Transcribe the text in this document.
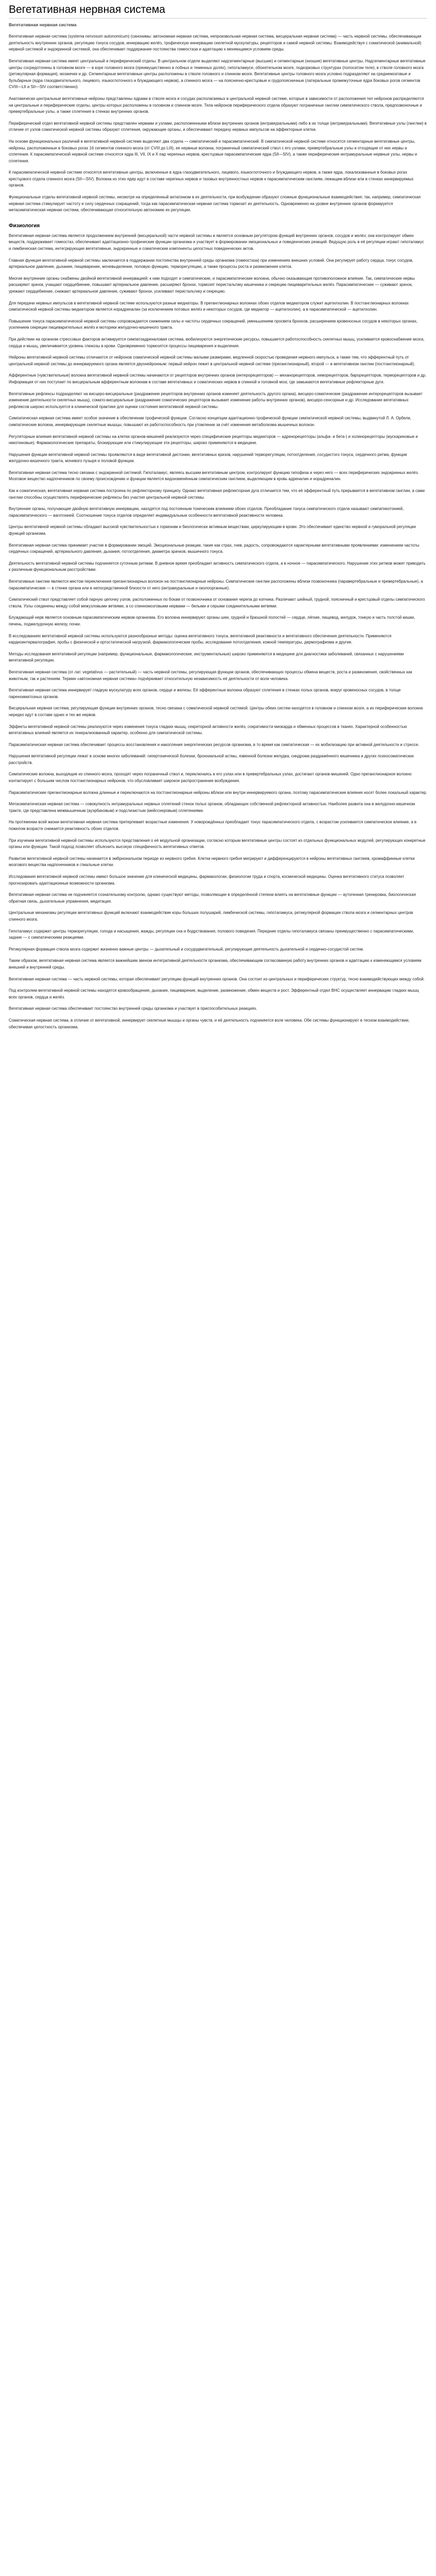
Вегетативная нервная система
Вегетативная нервная система

Вегетативная нервная система (systema nervosum autonomicum) (синонимы: автономная нервная система, непроизвольная нервная система, висцеральная нервная система) — часть нервной системы, обеспечивающая деятельность внутренних органов, регуляцию тонуса сосудов, иннервацию желёз, трофическую иннервацию скелетной мускулатуры, рецепторов и самой нервной системы. Взаимодействуя с соматической (анимальной) нервной системой и эндокринной системой, она обеспечивает поддержание постоянства гомеостаза и адаптацию к меняющимся условиям среды.

Вегетативная нервная система имеет центральный и периферический отделы. В центральном отделе выделяют надсегментарные (высшие) и сегментарные (низшие) вегетативные центры. Надсегментарные вегетативные центры сосредоточены в головном мозге — в коре головного мозга (преимущественно в лобных и теменных долях), гипоталамусе, обонятельном мозге, подкорковых структурах (полосатом теле), в стволе головного мозга (ретикулярная формация), мозжечке и др. Сегментарные вегетативные центры расположены в стволе головного и спинном мозге. Вегетативные центры головного мозга условно подразделяют на среднемозговые и бульбарные (ядра глазодвигательного, лицевого, языкоглоточного и блуждающего нервов), а спинного мозга — на пояснично-крестцовые и грудопоясничные (латеральные промежуточные ядра боковых рогов сегментов CVIII—LII и SII—SIV соответственно).

Анатомически центральные вегетативные нейроны представлены ядрами в стволе мозга и сосудах располагаемых в центральной нервной системе, которые в зависимости от расположения тел нейронов распределяются на центральные и периферические отделы, центры которых расположены в головном и спинном мозге. Тела нейронов периферического отдела образуют пограничные ганглии симпатического ствола, предпозвоночные и превертебральные узлы, а также сплетения в стенках внутренних органов.

Периферический отдел вегетативной нервной системы представлен нервами и узлами, расположенными вблизи внутренних органов (интрамуральными) либо в их толще (интрамуральными). Вегетативные узлы (ганглии) в отличие от узлов соматической нервной системы образуют сплетения, окружающие органы, и обеспечивают передачу нервных импульсов на эффекторные клетки.

На основе функциональных различий в вегетативной нервной системе выделяют два отдела — симпатический и парасимпатический. В симпатической нервной системе относятся сегментарные вегетативные центры, нейроны, расположенные в боковых рогах 16 сегментов спинного мозга (от CVIII до LIII), ее нервные волокна, пограничный симпатический ствол с его узлами, превертебральные узлы и отходящие от них нервы и сплетения. К парасимпатической нервной системе относятся ядра III, VII, IX и X пар черепных нервов, крестцовые парасимпатические ядра (SII—SIV), а также периферические интрамуральные нервные узлы, нервы и сплетения.

К парасимпатической нервной системе относятся вегетативные центры, включенные в ядра глазодвигательного, лицевого, языкоглоточного и блуждающего нервов, а также ядра, локализованные в боковых рогах крестцового отдела спинного мозга (SII—SIV). Волокна из этих ядер идут в составе черепных нервов и тазовых внутренностных нервов к парасимпатическим ганглиям, лежащим вблизи или в стенках иннервируемых органов.

Функциональные отделы вегетативной нервной системы, несмотря на определенный антагонизм в их деятельности, при возбуждении образуют сложные функциональные взаимодействия; так, например, симпатическая нервная система стимулирует частоту и силу сердечных сокращений, тогда как парасимпатическая нервная система тормозит их деятельность. Одновременно на уровне внутренних органов формируется метасимпатическая нервная система, обеспечивающая относительную автономию их регуляции.

Физиология

Вегетативная нервная система является продолжением внутренней (висцеральной) части нервной системы и является основным регулятором функций внутренних органов, сосудов и желёз; она контролирует обмен веществ, поддерживает гомеостаз, обеспечивает адаптационно-трофические функции организма и участвует в формировании эмоциональных и поведенческих реакций. Ведущую роль в её регуляции играют гипоталамус и лимбическая система, интегрирующие вегетативные, эндокринные и соматические компоненты целостных поведенческих актов.

Главная функция вегетативной нервной системы заключается в поддержании постоянства внутренней среды организма (гомеостаза) при изменениях внешних условий. Она регулирует работу сердца, тонус сосудов, артериальное давление, дыхание, пищеварение, мочевыделение, половую функцию, терморегуляцию, а также процессы роста и размножения клеток.

Многие внутренние органы снабжены двойной вегетативной иннервацией: к ним подходят и симпатические, и парасимпатические волокна, обычно оказывающие противоположное влияние. Так, симпатические нервы расширяют зрачок, учащают сердцебиение, повышают артериальное давление, расширяют бронхи, тормозят перистальтику кишечника и секрецию пищеварительных желёз. Парасимпатические — суживают зрачок, урежают сердцебиение, снижают артериальное давление, суживают бронхи, усиливают перистальтику и секрецию.

Для передачи нервных импульсов в вегетативной нервной системе используются разные медиаторы. В преганглионарных волокнах обоих отделов медиатором служит ацетилхолин. В постганглионарных волокнах симпатической нервной системы медиатором является норадреналин (за исключением потовых желёз и некоторых сосудов, где медиатор — ацетилхолин), а в парасимпатической — ацетилхолин.

Повышение тонуса парасимпатической нервной системы сопровождается снижением силы и частоты сердечных сокращений, уменьшением просвета бронхов, расширением кровеносных сосудов в некоторых органах, усилением секреции пищеварительных желёз и моторики желудочно-кишечного тракта.

При действии на организм стрессовых факторов активируется симпатоадреналовая система, мобилизуются энергетические ресурсы, повышается работоспособность скелетных мышц, усиливается кровоснабжение мозга, сердца и мышц, увеличивается уровень глюкозы в крови. Одновременно тормозятся процессы пищеварения и выделения.

Нейроны вегетативной нервной системы отличаются от нейронов соматической нервной системы малыми размерами, медленной скоростью проведения нервного импульса, а также тем, что эфферентный путь от центральной нервной системы до иннервируемого органа является двухнейронным: первый нейрон лежит в центральной нервной системе (преганглионарный), второй — в вегетативном ганглии (постганглионарный).

Афферентные (чувствительные) волокна вегетативной нервной системы начинаются от рецепторов внутренних органов (интерорецепторов) — механорецепторов, хеморецепторов, барорецепторов, терморецепторов и др. Информация от них поступает по висцеральным афферентным волокнам в составе вегетативных и соматических нервов в спинной и головной мозг, где замыкаются вегетативные рефлекторные дуги.

Вегетативные рефлексы подразделяют на висцеро-висцеральные (раздражение рецепторов внутренних органов изменяет деятельность другого органа), висцеро-соматические (раздражение интерорецепторов вызывает изменение деятельности скелетных мышц), сомато-висцеральные (раздражение соматических рецепторов вызывает изменение работы внутренних органов), висцеро-сенсорные и др. Исследование вегетативных рефлексов широко используется в клинической практике для оценки состояния вегетативной нервной системы.

Симпатическая нервная система имеет особое значение в обеспечении трофической функции. Согласно концепции адаптационно-трофической функции симпатической нервной системы, выдвинутой Л. А. Орбели, симпатические волокна, иннервирующие скелетные мышцы, повышают их работоспособность при утомлении за счёт изменения метаболизма мышечных волокон.

Регуляторные влияния вегетативной нервной системы на клетки органов-мишеней реализуются через специфические рецепторы медиаторов — адренорецепторы (альфа- и бета-) и холинорецепторы (мускариновые и никотиновые). Фармакологические препараты, блокирующие или стимулирующие эти рецепторы, широко применяются в медицине.

Нарушения функции вегетативной нервной системы проявляются в виде вегетативной дистонии, вегетативных кризов, нарушений терморегуляции, потоотделения, сосудистого тонуса, сердечного ритма, функции желудочно-кишечного тракта, мочевого пузыря и половой функции.

Вегетативная нервная система тесно связана с эндокринной системой. Гипоталамус, являясь высшим вегетативным центром, контролирует функцию гипофиза и через него — всех периферических эндокринных желёз. Мозговое вещество надпочечников по своему происхождению и функции является видоизменённым симпатическим ганглием, выделяющим в кровь адреналин и норадреналин.

Как и соматическая, вегетативная нервная система построена по рефлекторному принципу. Однако вегетативная рефлекторная дуга отличается тем, что её эфферентный путь прерывается в вегетативном ганглии, а сами ганглии способны осуществлять периферические рефлексы без участия центральной нервной системы.

Внутренние органы, получающие двойную вегетативную иннервацию, находятся под постоянным тоническим влиянием обоих отделов. Преобладание тонуса симпатического отдела называют симпатикотонией, парасимпатического — ваготонией. Соотношение тонуса отделов определяет индивидуальные особенности вегетативной реактивности человека.

Центры вегетативной нервной системы обладают высокой чувствительностью к гормонам и биологически активным веществам, циркулирующим в крови. Это обеспечивает единство нервной и гуморальной регуляции функций организма.

Вегетативная нервная система принимает участие в формировании эмоций. Эмоциональные реакции, такие как страх, гнев, радость, сопровождаются характерными вегетативными проявлениями: изменением частоты сердечных сокращений, артериального давления, дыхания, потоотделения, диаметра зрачков, мышечного тонуса.

Деятельность вегетативной нервной системы подчиняется суточным ритмам. В дневное время преобладает активность симпатического отдела, а в ночное — парасимпатического. Нарушение этих ритмов может приводить к различным функциональным расстройствам.

Вегетативные ганглии являются местом переключения преганглионарных волокон на постганглионарные нейроны. Симпатические ганглии расположены вблизи позвоночника (паравертебральные и превертебральные), а парасимпатические — в стенке органа или в непосредственной близости от него (интрамуральные и околоорганные).

Симпатический ствол представляет собой парную цепочку узлов, расположенных по бокам от позвоночника от основания черепа до копчика. Различают шейный, грудной, поясничный и крестцовый отделы симпатического ствола. Узлы соединены между собой межузловыми ветвями, а со спинномозговыми нервами — белыми и серыми соединительными ветвями.

Блуждающий нерв является основным парасимпатическим нервом организма. Его волокна иннервируют органы шеи, грудной и брюшной полостей — сердце, лёгкие, пищевод, желудок, тонкую и часть толстой кишки, печень, поджелудочную железу, почки.

В исследованиях вегетативной нервной системы используются разнообразные методы: оценка вегетативного тонуса, вегетативной реактивности и вегетативного обеспечения деятельности. Применяются кардиоинтервалография, пробы с физической и ортостатической нагрузкой, фармакологические пробы, исследование потоотделения, кожной температуры, дермографизма и другие.

Методы исследования вегетативной регуляции (например, функциональные, фармакологические, инструментальные) широко применяются в медицине для диагностики заболеваний, связанных с нарушениями вегетативной регуляции.

Вегетативная нервная система (от лат. vegetativus — растительный) — часть нервной системы, регулирующая функции органов, обеспечивающих процессы обмена веществ, роста и размножения, свойственных как животным, так и растениям. Термин «автономная нервная система» подчёркивает относительную независимость её деятельности от воли человека.

Вегетативная нервная система иннервирует гладкую мускулатуру всех органов, сердце и железы. Её эфферентные волокна образуют сплетения в стенках полых органов, вокруг кровеносных сосудов, в толще паренхиматозных органов.

Висцеральная нервная система, регулирующая функции внутренних органов, тесно связана с соматической нервной системой. Центры обеих систем находятся в головном и спинном мозге, а их периферические волокна нередко идут в составе одних и тех же нервов.

Эффекты вегетативной нервной системы реализуются через изменения тонуса гладких мышц, секреторной активности желёз, сократимости миокарда и обменных процессов в тканях. Характерной особенностью вегетативных влияний является их генерализованный характер, особенно для симпатической системы.

Парасимпатическая нервная система обеспечивает процессы восстановления и накопления энергетических ресурсов организма, в то время как симпатическая — их мобилизацию при активной деятельности и стрессе.

Нарушения вегетативной регуляции лежат в основе многих заболеваний: гипертонической болезни, бронхиальной астмы, язвенной болезни желудка, синдрома раздражённого кишечника и других психосоматических расстройств.

Симпатические волокна, выходящие из спинного мозга, проходят через пограничный ствол и, переключаясь в его узлах или в превертебральных узлах, достигают органов-мишеней. Одно преганглионарное волокно контактирует с большим числом постганглионарных нейронов, что обусловливает широкое распространение возбуждения.

Парасимпатические преганглионарные волокна длинные и переключаются на постганглионарные нейроны вблизи или внутри иннервируемого органа, поэтому парасимпатические влияния носят более локальный характер.

Метасимпатическая нервная система — совокупность интрамуральных нервных сплетений стенок полых органов, обладающих собственной рефлекторной активностью. Наиболее развита она в желудочно-кишечном тракте, где представлена межмышечным (ауэрбаховым) и подслизистым (мейсснеровым) сплетениями.

На протяжении всей жизни вегетативная нервная система претерпевает возрастные изменения. У новорождённых преобладает тонус парасимпатического отдела, с возрастом усиливается симпатическое влияние, а в пожилом возрасте снижается реактивность обоих отделов.

При изучении вегетативной нервной системы используются представления о её модульной организации, согласно которым вегетативные центры состоят из отдельных функциональных модулей, регулирующих конкретные органы или функции. Такой подход позволяет объяснить высокую специфичность вегетативных ответов.

Развитие вегетативной нервной системы начинается в эмбриональном периоде из нервного гребня. Клетки нервного гребня мигрируют и дифференцируются в нейроны вегетативных ганглиев, хромаффинные клетки мозгового вещества надпочечников и глиальные клетки.

Исследования вегетативной нервной системы имеют большое значение для клинической медицины, фармакологии, физиологии труда и спорта, космической медицины. Оценка вегетативного статуса позволяет прогнозировать адаптационные возможности организма.

Вегетативная нервная система не подчиняется сознательному контролю, однако существуют методы, позволяющие в определённой степени влиять на вегетативные функции — аутогенная тренировка, биологическая обратная связь, дыхательные упражнения, медитация.

Центральные механизмы регуляции вегетативных функций включают взаимодействие коры больших полушарий, лимбической системы, гипоталамуса, ретикулярной формации ствола мозга и сегментарных центров спинного мозга.

Гипоталамус содержит центры терморегуляции, голода и насыщения, жажды, регуляции сна и бодрствования, полового поведения. Передние отделы гипоталамуса связаны преимущественно с парасимпатическими, задние — с симпатическими реакциями.

Ретикулярная формация ствола мозга содержит жизненно важные центры — дыхательный и сосудодвигательный, регулирующие деятельность дыхательной и сердечно-сосудистой систем.

Таким образом, вегетативная нервная система является важнейшим звеном интегративной деятельности организма, обеспечивающим согласованную работу внутренних органов и адаптацию к изменяющимся условиям внешней и внутренней среды.

Вегетативная нервная система — часть нервной системы, которая обеспечивает регуляцию функций внутренних органов. Она состоит из центральных и периферических структур, тесно взаимодействующих между собой.

Под контролем вегетативной нервной системы находятся кровообращение, дыхание, пищеварение, выделение, размножение, обмен веществ и рост. Эфферентный отдел ВНС осуществляет иннервацию гладких мышц всех органов, сердца и желёз.

Вегетативная нервная система обеспечивает постоянство внутренней среды организма и участвует в приспособительных реакциях.

Соматическая нервная система, в отличие от вегетативной, иннервирует скелетные мышцы и органы чувств, и её деятельность подчиняется воле человека. Обе системы функционируют в тесном взаимодействии, обеспечивая целостность организма.
